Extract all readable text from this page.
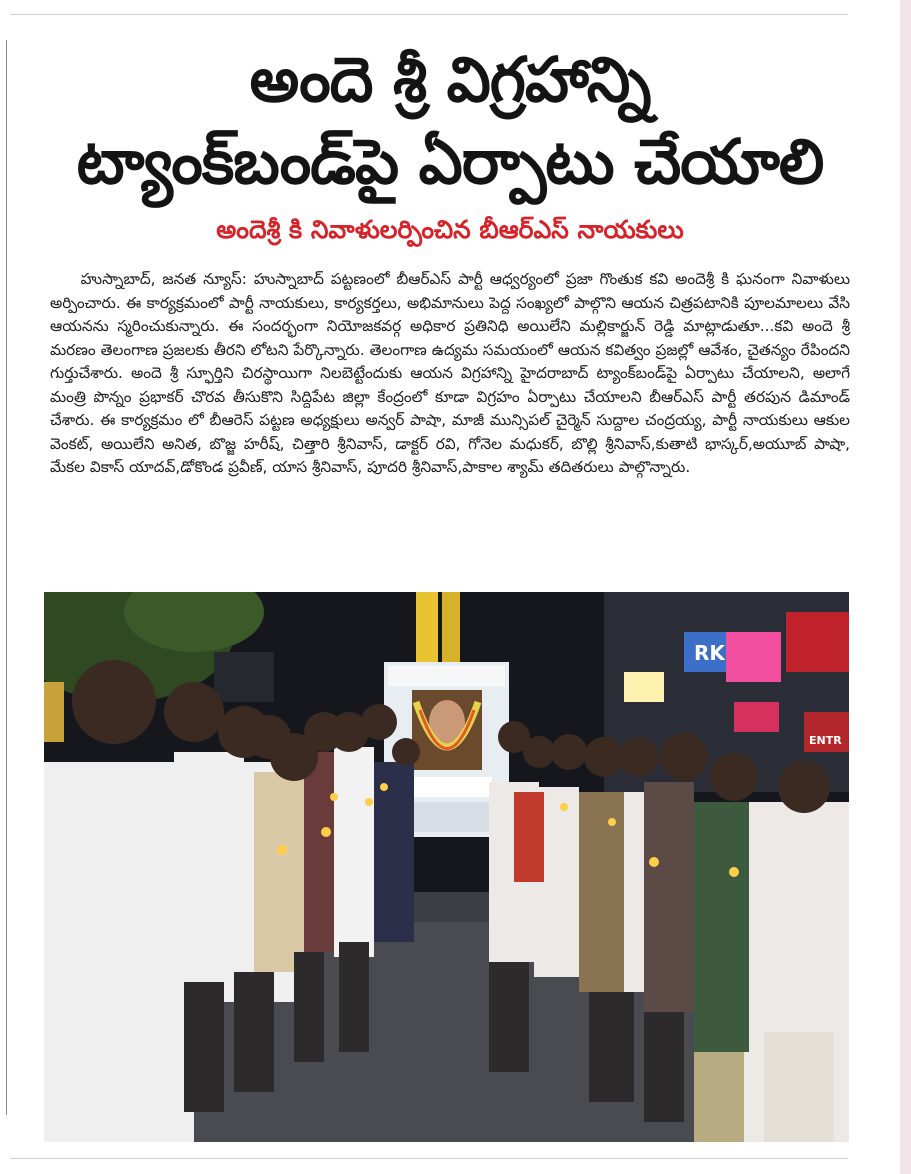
అందె శ్రీ విగ్రహాన్ని
ట్యాంక్‌బండ్‌పై ఏర్పాటు చేయాలి
అందెశ్రీ కి నివాళులర్పించిన బీఆర్ఎస్ నాయకులు

హుస్నాబాద్, జనత న్యూస్: హుస్నాబాద్ పట్టణంలో బీఆర్ఎస్ పార్టీ ఆధ్వర్యంలో ప్రజా గొంతుక కవి అందెశ్రీ కి ఘనంగా నివాళులు అర్పించారు. ఈ కార్యక్రమంలో పార్టీ నాయకులు, కార్యకర్తలు, అభిమానులు పెద్ద సంఖ్యలో పాల్గొని ఆయన చిత్రపటానికి పూలమాలలు వేసి ఆయనను స్మరించుకున్నారు. ఈ సందర్భంగా నియోజకవర్గ అధికార ప్రతినిధి అయిలేని మల్లికార్జున్ రెడ్డి మాట్లాడుతూ...కవి అందె శ్రీ మరణం తెలంగాణ ప్రజలకు తీరని లోటని పేర్కొన్నారు. తెలంగాణ ఉద్యమ సమయంలో ఆయన కవిత్వం ప్రజల్లో ఆవేశం, చైతన్యం రేపిందని గుర్తుచేశారు. అందె శ్రీ స్ఫూర్తిని చిరస్థాయిగా నిలబెట్టేందుకు ఆయన విగ్రహాన్ని హైదరాబాద్ ట్యాంక్‌బండ్‌పై ఏర్పాటు చేయాలని, అలాగే మంత్రి పొన్నం ప్రభాకర్ చొరవ తీసుకొని సిద్దిపేట జిల్లా కేంద్రంలో కూడా విగ్రహం ఏర్పాటు చేయాలని బీఆర్ఎస్ పార్టీ తరపున డిమాండ్ చేశారు. ఈ కార్యక్రమం లో బీఆరెస్ పట్టణ అధ్యక్షులు అన్వర్ పాషా, మాజీ మున్సిపల్ చైర్మెన్ సుద్దాల చంద్రయ్య, పార్టీ నాయకులు ఆకుల వెంకట్, అయిలేని అనిత, బొజ్జ హరీష్, చిత్తారి శ్రీనివాస్, డాక్టర్ రవి, గోనెల మధుకర్, బొల్లి శ్రీనివాస్,కుతాటి భాస్కర్,అయూబ్ పాషా, మేకల వికాస్ యాదవ్,డోకొండ ప్రవీణ్, యాస శ్రీనివాస్, పూదరి శ్రీనివాస్,పాకాల శ్యామ్ తదితరులు పాల్గొన్నారు.

RK
ENTR
